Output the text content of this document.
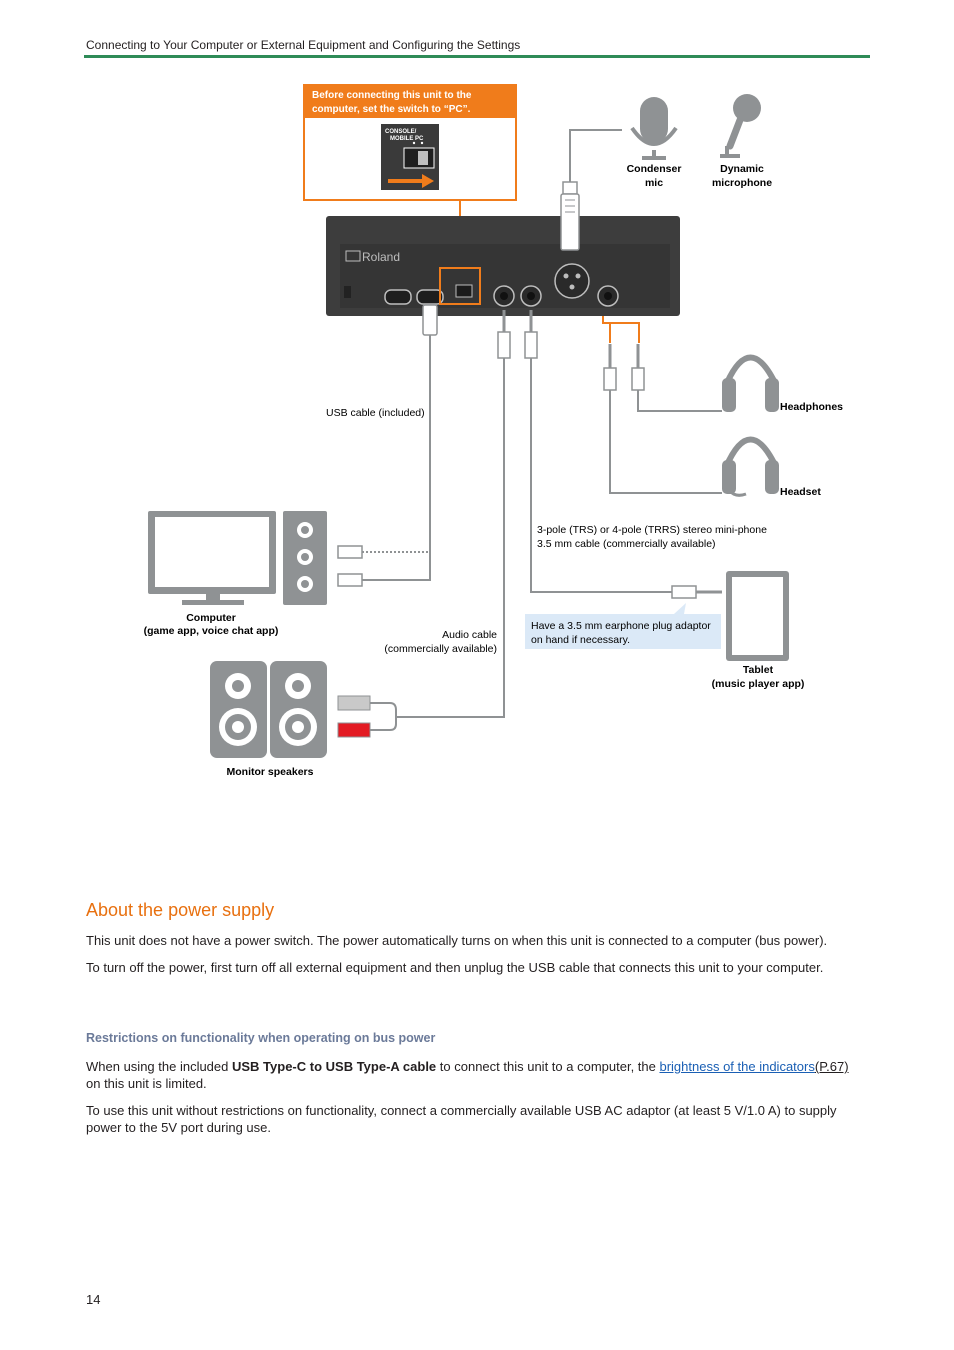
Connecting to Your Computer or External Equipment and Configuring the Settings
Before connecting this unit to the
computer, set the switch to “PC”.
CONSOLE/
MOBILE PC
Roland
Condenser
mic
Dynamic
microphone
Headphones
Headset
USB cable (included)
3-pole (TRS) or 4-pole (TRRS) stereo mini-phone
3.5 mm cable (commercially available)
Computer
(game app, voice chat app)	Audio cable
(commercially available)
Have a 3.5 mm earphone plug adaptor
on hand if necessary.
Tablet
(music player app)
Monitor speakers
About the power supply

This unit does not have a power switch. The power automatically turns on when this unit is connected to a computer (bus power).

To turn off the power, first turn off all external equipment and then unplug the USB cable that connects this unit to your computer.

Restrictions on functionality when operating on bus power

When using the included USB Type-C to USB Type-A cable to connect this unit to a computer, the brightness of the indicators(P.67) on this unit is limited.

To use this unit without restrictions on functionality, connect a commercially available USB AC adaptor (at least 5 V/1.0 A) to supply power to the 5V port during use.

14
